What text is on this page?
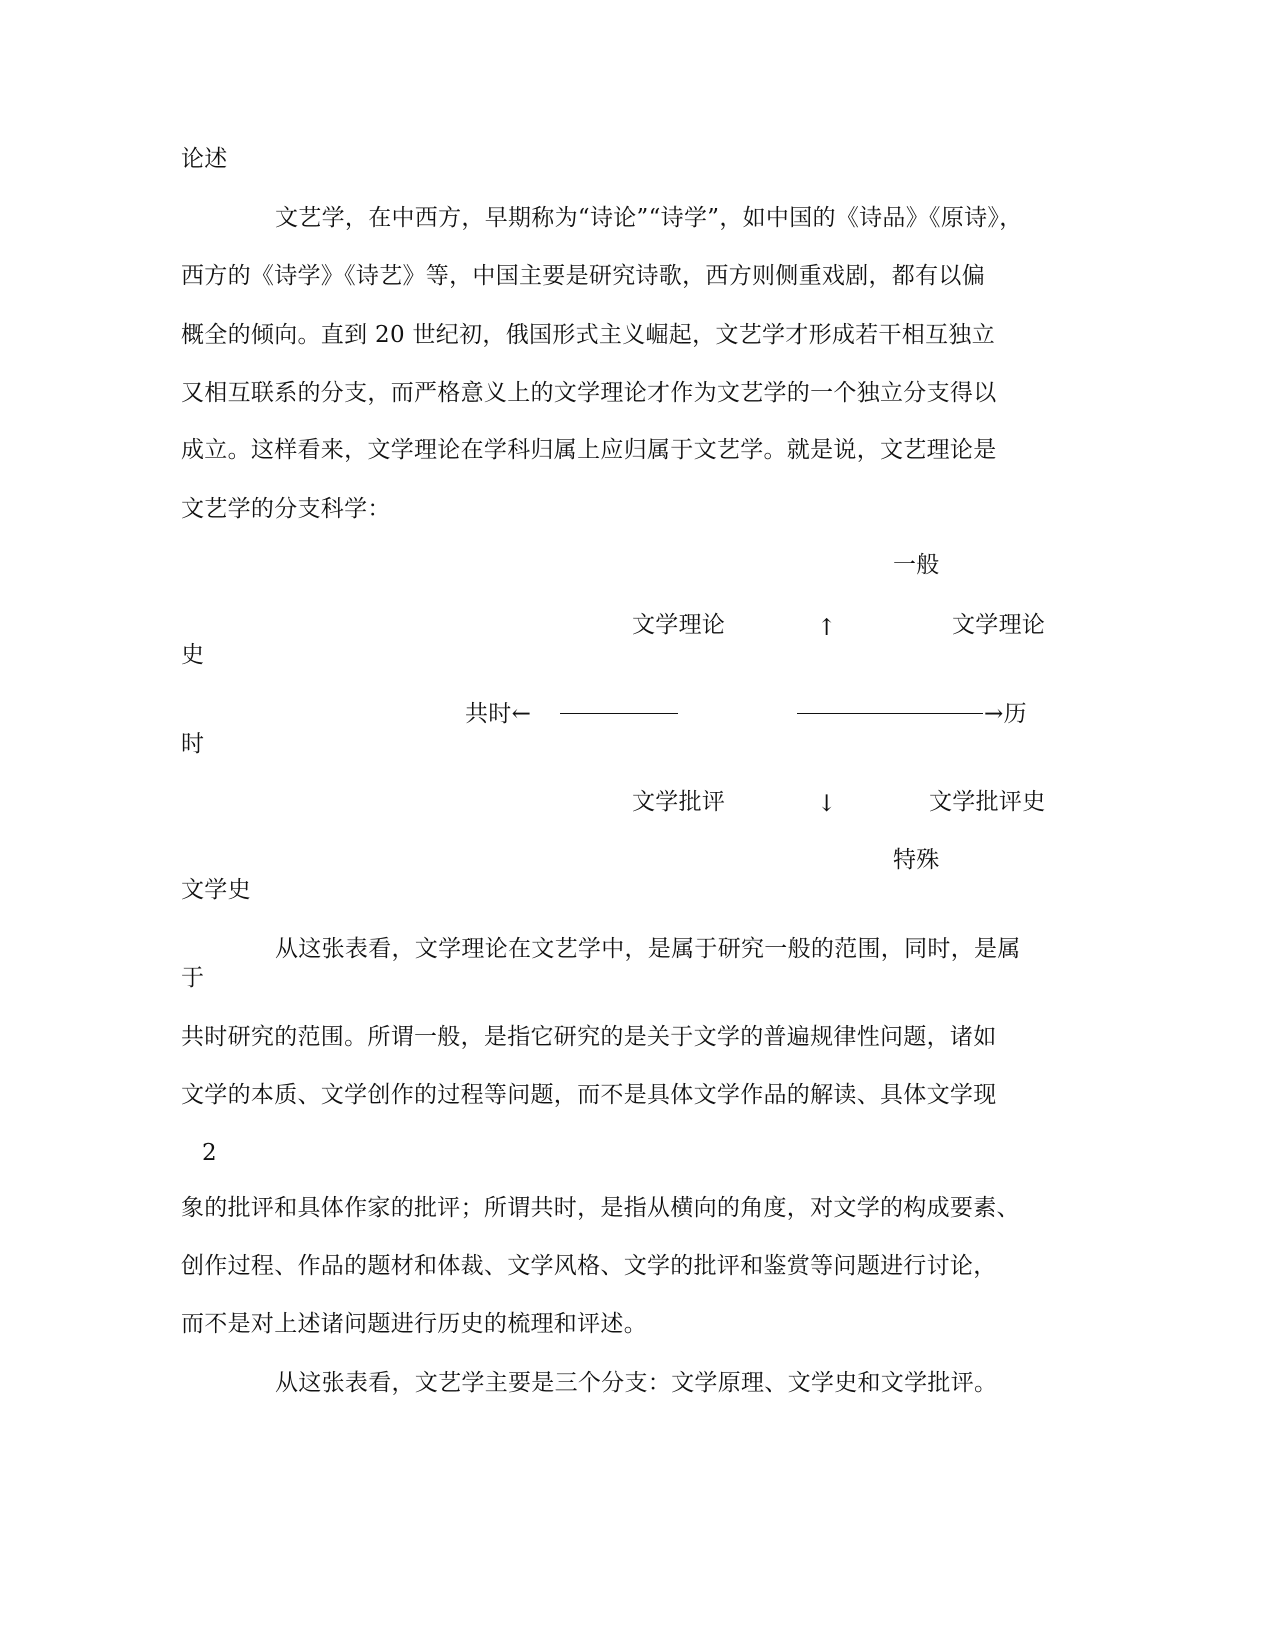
论述
文艺学，在中西方，早期称为“诗论”“诗学”，如中国的《诗品》《原诗》，
西方的《诗学》《诗艺》等，中国主要是研究诗歌，西方则侧重戏剧，都有以偏
概全的倾向。直到 20 世纪初，俄国形式主义崛起，文艺学才形成若干相互独立
又相互联系的分支，而严格意义上的文学理论才作为文艺学的一个独立分支得以
成立。这样看来，文学理论在学科归属上应归属于文艺学。就是说，文艺理论是
文艺学的分支科学：
一般
文学理论	↑	文学理论
史
共时←	→历
时
文学批评	↓	文学批评史
特殊
文学史
从这张表看，文学理论在文艺学中，是属于研究一般的范围，同时，是属
于
共时研究的范围。所谓一般，是指它研究的是关于文学的普遍规律性问题，诸如
文学的本质、文学创作的过程等问题，而不是具体文学作品的解读、具体文学现
2
象的批评和具体作家的批评；所谓共时，是指从横向的角度，对文学的构成要素、
创作过程、作品的题材和体裁、文学风格、文学的批评和鉴赏等问题进行讨论，
而不是对上述诸问题进行历史的梳理和评述。
从这张表看，文艺学主要是三个分支：文学原理、文学史和文学批评。
